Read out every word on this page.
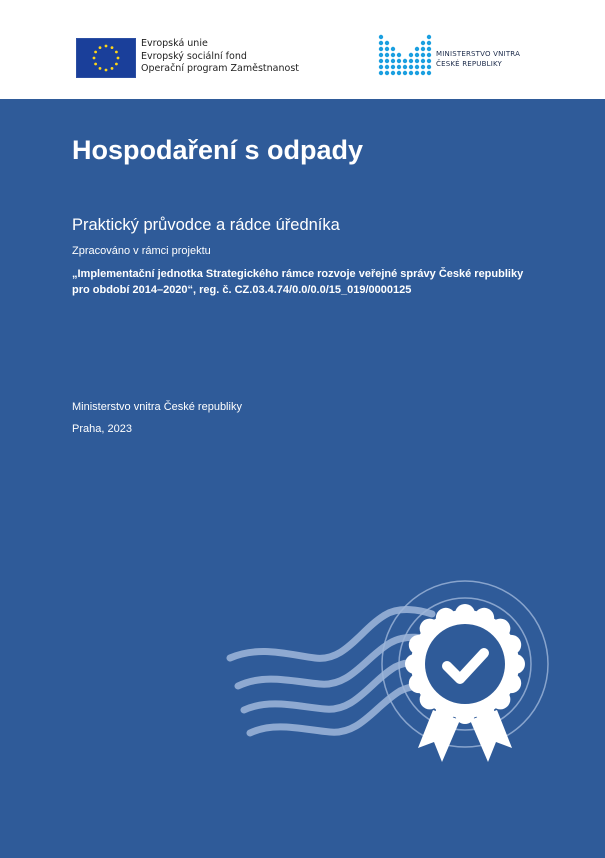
Evropská unie
Evropský sociální fond
Operační program Zaměstnanost
MINISTERSTVO VNITRA
ČESKÉ REPUBLIKY
Hospodaření s odpady
Praktický průvodce a rádce úředníka
Zpracováno v rámci projektu
„Implementační jednotka Strategického rámce rozvoje veřejné správy České republiky
pro období 2014–2020“, reg. č. CZ.03.4.74/0.0/0.0/15_019/0000125
Ministerstvo vnitra České republiky
Praha, 2023
